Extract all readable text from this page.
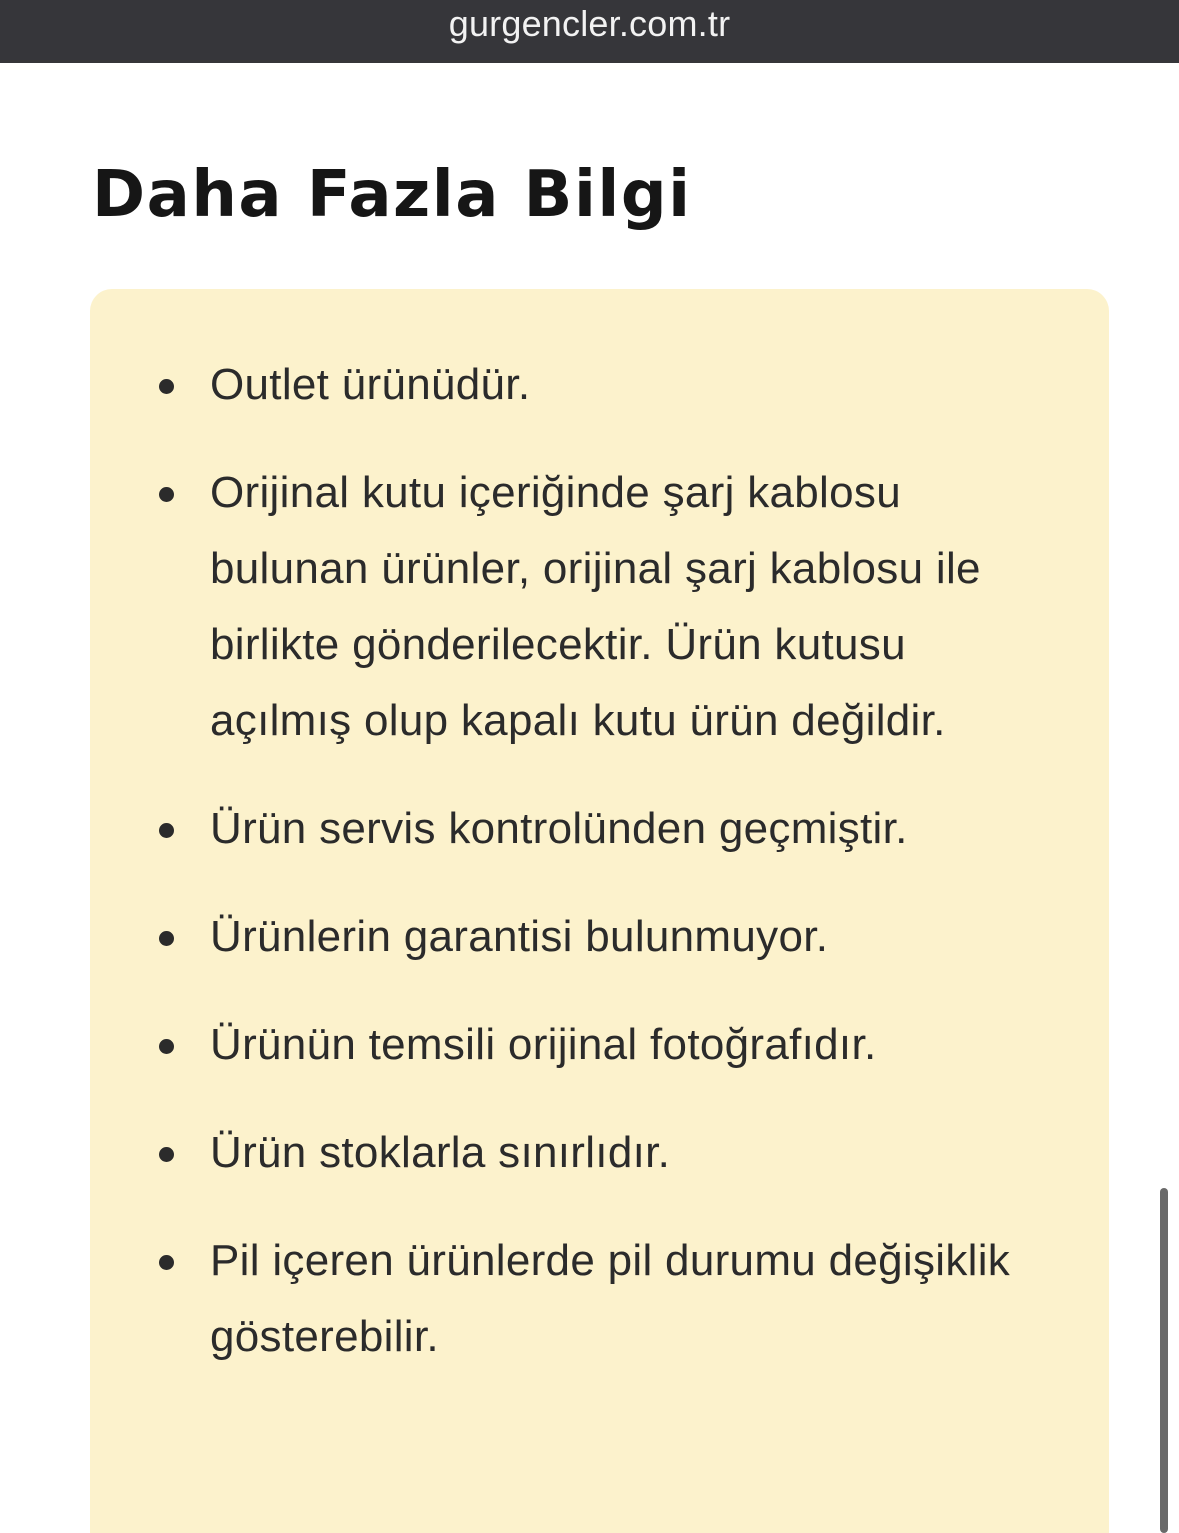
gurgencler.com.tr
Daha Fazla Bilgi
Outlet ürünüdür.
Orijinal kutu içeriğinde şarj kablosu bulunan ürünler, orijinal şarj kablosu ile birlikte gönderilecektir. Ürün kutusu açılmış olup kapalı kutu ürün değildir.
Ürün servis kontrolünden geçmiştir.
Ürünlerin garantisi bulunmuyor.
Ürünün temsili orijinal fotoğrafıdır.
Ürün stoklarla sınırlıdır.
Pil içeren ürünlerde pil durumu değişiklik gösterebilir.
